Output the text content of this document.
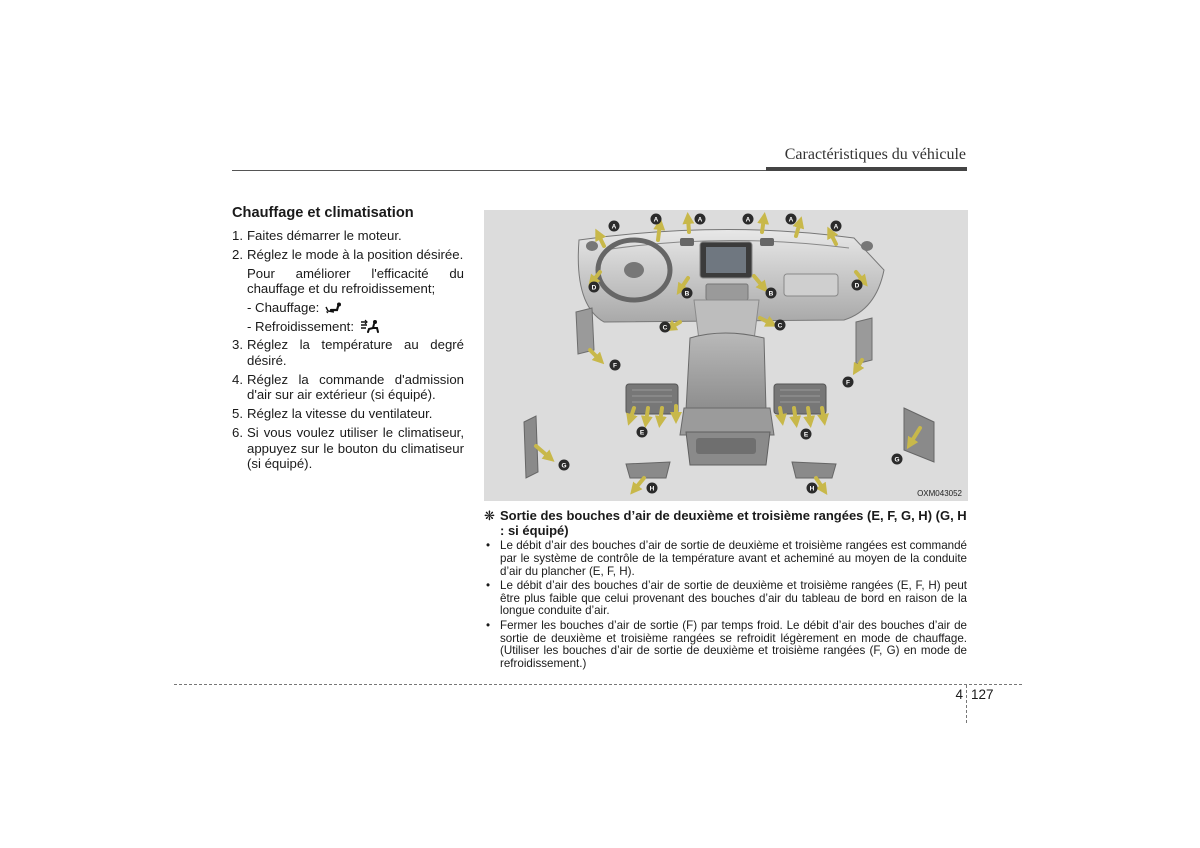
Caractéristiques du véhicule
Chauffage et climatisation
1. Faites démarrer le moteur.
2. Réglez le mode à la position désirée.
Pour améliorer l'efficacité du chauffage et du refroidissement;
- Chauffage:
- Refroidissement:
3. Réglez la température au degré désiré.
4. Réglez la commande d'admission d'air sur air extérieur (si équipé).
5. Réglez la vitesse du ventilateur.
6. Si vous voulez utiliser le climatiseur, appuyez sur le bouton du climatiseur (si équipé).
A
A	A	A	A
A
B	B
C	C
D	D
F
F
E	E
G
G
H	H	OXM043052
❋ Sortie des bouches d’air de deuxième et troisième rangées (E, F, G, H) (G, H : si équipé)
• Le débit d’air des bouches d’air de sortie de deuxième et troisième rangées est commandé par le système de contrôle de la température avant et acheminé au moyen de la conduite d’air du plancher (E, F, H).
• Le débit d’air des bouches d’air de sortie de deuxième et troisième rangées (E, F, H) peut être plus faible que celui provenant des bouches d’air du tableau de bord en raison de la longue conduite d’air.
• Fermer les bouches d’air de sortie (F) par temps froid. Le débit d’air des bouches d’air de sortie de deuxième et troisième rangées se refroidit légèrement en mode de chauffage. (Utiliser les bouches d’air de sortie de deuxième et troisième rangées (F, G) en mode de refroidissement.)
4 127
